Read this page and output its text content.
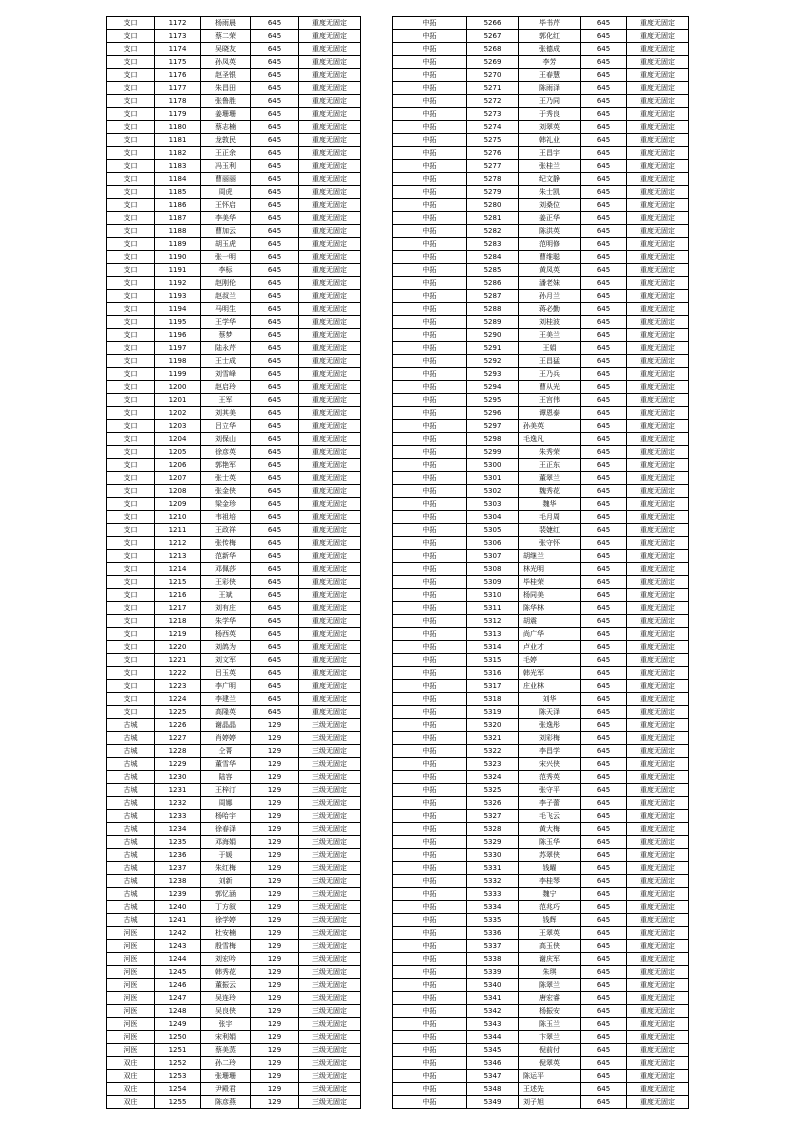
支口	1172	杨雨晨	645	重度无固定
支口	1173	蔡二荣	645	重度无固定
支口	1174	吴晓友	645	重度无固定
支口	1175	孙凤英	645	重度无固定
支口	1176	赵圣银	645	重度无固定
支口	1177	朱昌田	645	重度无固定
支口	1178	张鲁胜	645	重度无固定
支口	1179	姜珊珊	645	重度无固定
支口	1180	蔡志楠	645	重度无固定
支口	1181	龙敦民	645	重度无固定
支口	1182	王正余	645	重度无固定
支口	1183	冯玉利	645	重度无固定
支口	1184	曹丽丽	645	重度无固定
支口	1185	周虎	645	重度无固定
支口	1186	王怀启	645	重度无固定
支口	1187	李美华	645	重度无固定
支口	1188	曹加云	645	重度无固定
支口	1189	胡玉虎	645	重度无固定
支口	1190	张一明	645	重度无固定
支口	1191	李标	645	重度无固定
支口	1192	赵刚伦	645	重度无固定
支口	1193	赵叔兰	645	重度无固定
支口	1194	马明生	645	重度无固定
支口	1195	王学华	645	重度无固定
支口	1196	蔡梦	645	重度无固定
支口	1197	陆永芹	645	重度无固定
支口	1198	王士成	645	重度无固定
支口	1199	刘雪峰	645	重度无固定
支口	1200	赵启玲	645	重度无固定
支口	1201	王军	645	重度无固定
支口	1202	刘其美	645	重度无固定
支口	1203	吕立华	645	重度无固定
支口	1204	刘保山	645	重度无固定
支口	1205	徐彦英	645	重度无固定
支口	1206	郭艳军	645	重度无固定
支口	1207	张士英	645	重度无固定
支口	1208	张金侠	645	重度无固定
支口	1209	梁金珍	645	重度无固定
支口	1210	韦祖培	645	重度无固定
支口	1211	王政祥	645	重度无固定
支口	1212	张传梅	645	重度无固定
支口	1213	范新华	645	重度无固定
支口	1214	邓佩莎	645	重度无固定
支口	1215	王彩侠	645	重度无固定
支口	1216	王斌	645	重度无固定
支口	1217	刘有庄	645	重度无固定
支口	1218	朱学华	645	重度无固定
支口	1219	杨西英	645	重度无固定
支口	1220	刘鸽为	645	重度无固定
支口	1221	刘文军	645	重度无固定
支口	1222	吕玉英	645	重度无固定
支口	1223	李广明	645	重度无固定
支口	1224	李建兰	645	重度无固定
支口	1225	高隆英	645	重度无固定
古城	1226	谢晶晶	129	三级无固定
古城	1227	肖婷婷	129	三级无固定
古城	1228	仝菁	129	三级无固定
古城	1229	董雪华	129	三级无固定
古城	1230	陆容	129	三级无固定
古城	1231	王梓汀	129	三级无固定
古城	1232	周娜	129	三级无固定
古城	1233	杨哈宇	129	三级无固定
古城	1234	徐春泽	129	三级无固定
古城	1235	邓海娟	129	三级无固定
古城	1236	于媛	129	三级无固定
古城	1237	朱红梅	129	三级无固定
古城	1238	刘新	129	三级无固定
古城	1239	郭忆涵	129	三级无固定
古城	1240	丁方叙	129	三级无固定
古城	1241	徐学婷	129	三级无固定
河医	1242	杜安楠	129	三级无固定
河医	1243	殷雪梅	129	三级无固定
河医	1244	刘宏吟	129	三级无固定
河医	1245	韩秀花	129	三级无固定
河医	1246	董振云	129	三级无固定
河医	1247	吴连玲	129	三级无固定
河医	1248	吴良侠	129	三级无固定
河医	1249	张宇	129	三级无固定
河医	1250	宋利娟	129	三级无固定
河医	1251	蔡美蒸	129	三级无固定
双庄	1252	孙二玲	129	三级无固定
双庄	1253	张珊珊	129	三级无固定
双庄	1254	尹殿君	129	三级无固定
双庄	1255	陈彦燕	129	三级无固定
中拓	5266	毕书芹	645	重度无固定
中拓	5267	郭化红	645	重度无固定
中拓	5268	张德成	645	重度无固定
中拓	5269	李芳	645	重度无固定
中拓	5270	王春慧	645	重度无固定
中拓	5271	陈雨泽	645	重度无固定
中拓	5272	王乃同	645	重度无固定
中拓	5273	于秀良	645	重度无固定
中拓	5274	刘翠英	645	重度无固定
中拓	5275	韩礼业	645	重度无固定
中拓	5276	王昌宇	645	重度无固定
中拓	5277	张桂兰	645	重度无固定
中拓	5278	纪文静	645	重度无固定
中拓	5279	朱士凯	645	重度无固定
中拓	5280	刘桑位	645	重度无固定
中拓	5281	姜正华	645	重度无固定
中拓	5282	陈洪英	645	重度无固定
中拓	5283	范明修	645	重度无固定
中拓	5284	曹维聪	645	重度无固定
中拓	5285	黄凤英	645	重度无固定
中拓	5286	潘老妹	645	重度无固定
中拓	5287	孙月兰	645	重度无固定
中拓	5288	蒋必勤	645	重度无固定
中拓	5289	刘桂波	645	重度无固定
中拓	5290	王美兰	645	重度无固定
中拓	5291	王娟	645	重度无固定
中拓	5292	王昌猛	645	重度无固定
中拓	5293	王乃兵	645	重度无固定
中拓	5294	曹从光	645	重度无固定
中拓	5295	王宫伟	645	重度无固定
中拓	5296	谭恩泰	645	重度无固定
中拓	5297	孙美英	645	重度无固定
中拓	5298	毛逸凡	645	重度无固定
中拓	5299	朱秀荣	645	重度无固定
中拓	5300	王正东	645	重度无固定
中拓	5301	董翠兰	645	重度无固定
中拓	5302	魏秀花	645	重度无固定
中拓	5303	魏华	645	重度无固定
中拓	5304	毛月周	645	重度无固定
中拓	5305	裴婕红	645	重度无固定
中拓	5306	张守怀	645	重度无固定
中拓	5307	胡继兰	645	重度无固定
中拓	5308	林光明	645	重度无固定
中拓	5309	毕桂荣	645	重度无固定
中拓	5310	杨同美	645	重度无固定
中拓	5311	陈华林	645	重度无固定
中拓	5312	胡震	645	重度无固定
中拓	5313	尚广华	645	重度无固定
中拓	5314	卢业才	645	重度无固定
中拓	5315	毛婷	645	重度无固定
中拓	5316	韩光军	645	重度无固定
中拓	5317	庄业林	645	重度无固定
中拓	5318	刘华	645	重度无固定
中拓	5319	陈天泽	645	重度无固定
中拓	5320	张逸彤	645	重度无固定
中拓	5321	刘彩梅	645	重度无固定
中拓	5322	李昌学	645	重度无固定
中拓	5323	宋兴侠	645	重度无固定
中拓	5324	范秀英	645	重度无固定
中拓	5325	张守平	645	重度无固定
中拓	5326	李子蕾	645	重度无固定
中拓	5327	毛飞云	645	重度无固定
中拓	5328	黄大梅	645	重度无固定
中拓	5329	陈玉华	645	重度无固定
中拓	5330	苏翠侠	645	重度无固定
中拓	5331	钱曜	645	重度无固定
中拓	5332	李桂琴	645	重度无固定
中拓	5333	魏宁	645	重度无固定
中拓	5334	范兆巧	645	重度无固定
中拓	5335	钱辉	645	重度无固定
中拓	5336	王翠英	645	重度无固定
中拓	5337	高玉侠	645	重度无固定
中拓	5338	谢庆军	645	重度无固定
中拓	5339	朱琪	645	重度无固定
中拓	5340	陈翠兰	645	重度无固定
中拓	5341	唐宏睿	645	重度无固定
中拓	5342	杨振安	645	重度无固定
中拓	5343	陈玉兰	645	重度无固定
中拓	5344	卞翠兰	645	重度无固定
中拓	5345	倪前付	645	重度无固定
中拓	5346	倪翠英	645	重度无固定
中拓	5347	陈运平	645	重度无固定
中拓	5348	王述先	645	重度无固定
中拓	5349	刘子旭	645	重度无固定
